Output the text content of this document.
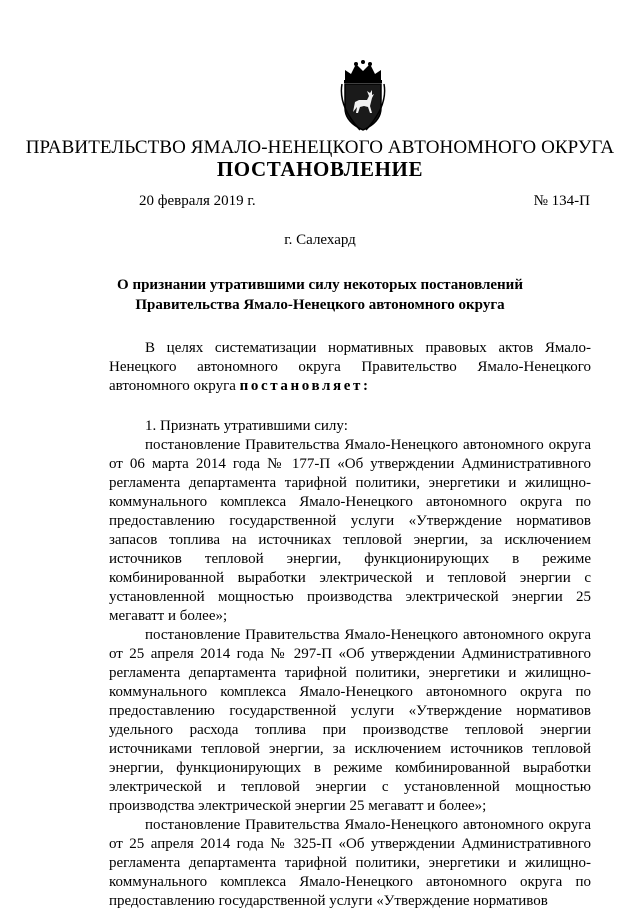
ПРАВИТЕЛЬСТВО ЯМАЛО-НЕНЕЦКОГО АВТОНОМНОГО ОКРУГА
ПОСТАНОВЛЕНИЕ
20 февраля 2019 г.	№ 134-П
г. Салехард
О признании утратившими силу некоторых постановлений
Правительства Ямало-Ненецкого автономного округа

В целях систематизации нормативных правовых актов Ямало-Ненецкого автономного округа Правительство Ямало-Ненецкого автономного округа постановляет:

1. Признать утратившими силу:

постановление Правительства Ямало-Ненецкого автономного округа от 06 марта 2014 года № 177-П «Об утверждении Административного регламента департамента тарифной политики, энергетики и жилищно-коммунального комплекса Ямало-Ненецкого автономного округа по предоставлению государственной услуги «Утверждение нормативов запасов топлива на источниках тепловой энергии, за исключением источников тепловой энергии, функционирующих в режиме комбинированной выработки электрической и тепловой энергии с установленной мощностью производства электрической энергии 25 мегаватт и более»;

постановление Правительства Ямало-Ненецкого автономного округа от 25 апреля 2014 года № 297-П «Об утверждении Административного регламента департамента тарифной политики, энергетики и жилищно-коммунального комплекса Ямало-Ненецкого автономного округа по предоставлению государственной услуги «Утверждение нормативов удельного расхода топлива при производстве тепловой энергии источниками тепловой энергии, за исключением источников тепловой энергии, функционирующих в режиме комбинированной выработки электрической и тепловой энергии с установленной мощностью производства электрической энергии 25 мегаватт и более»;

постановление Правительства Ямало-Ненецкого автономного округа от 25 апреля 2014 года № 325-П «Об утверждении Административного регламента департамента тарифной политики, энергетики и жилищно-коммунального комплекса Ямало-Ненецкого автономного округа по предоставлению государственной услуги «Утверждение нормативов
